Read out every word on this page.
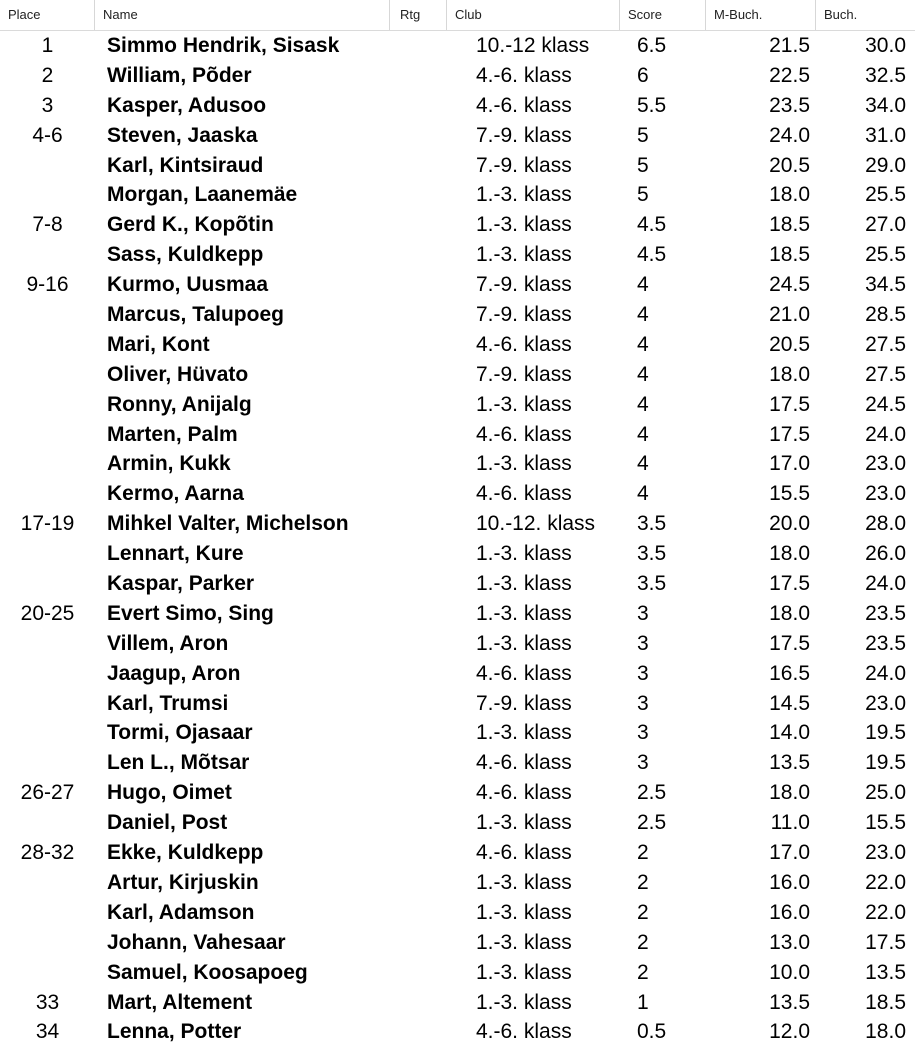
Place	Name	Rtg	Club	Score	M-Buch.	Buch.
1	Simmo Hendrik, Sisask	10.-12 klass 6.5	21.5	30.0
2	William, Põder	4.-6. klass	6	22.5	32.5
3	Kasper, Adusoo	4.-6. klass	5.5	23.5	34.0
4-6	Steven, Jaaska	7.-9. klass	5	24.0	31.0
Karl, Kintsiraud	7.-9. klass	5	20.5	29.0
Morgan, Laanemäe	1.-3. klass	5	18.0	25.5
7-8	Gerd K., Kopõtin	1.-3. klass	4.5	18.5	27.0
Sass, Kuldkepp	1.-3. klass	4.5	18.5	25.5
9-16	Kurmo, Uusmaa	7.-9. klass	4	24.5	34.5
Marcus, Talupoeg	7.-9. klass	4	21.0	28.5
Mari, Kont	4.-6. klass	4	20.5	27.5
Oliver, Hüvato	7.-9. klass	4	18.0	27.5
Ronny, Anijalg	1.-3. klass	4	17.5	24.5
Marten, Palm	4.-6. klass	4	17.5	24.0
Armin, Kukk	1.-3. klass	4	17.0	23.0
Kermo, Aarna	4.-6. klass	4	15.5	23.0
17-19	Mihkel Valter, Michelson	10.-12. klass 3.5	20.0	28.0
Lennart, Kure	1.-3. klass	3.5	18.0	26.0
Kaspar, Parker	1.-3. klass	3.5	17.5	24.0
20-25	Evert Simo, Sing	1.-3. klass	3	18.0	23.5
Villem, Aron	1.-3. klass	3	17.5	23.5
Jaagup, Aron	4.-6. klass	3	16.5	24.0
Karl, Trumsi	7.-9. klass	3	14.5	23.0
Tormi, Ojasaar	1.-3. klass	3	14.0	19.5
Len L., Mõtsar	4.-6. klass	3	13.5	19.5
26-27	Hugo, Oimet	4.-6. klass	2.5	18.0	25.0
Daniel, Post	1.-3. klass	2.5	11.0	15.5
28-32	Ekke, Kuldkepp	4.-6. klass	2	17.0	23.0
Artur, Kirjuskin	1.-3. klass	2	16.0	22.0
Karl, Adamson	1.-3. klass	2	16.0	22.0
Johann, Vahesaar	1.-3. klass	2	13.0	17.5
Samuel, Koosapoeg	1.-3. klass	2	10.0	13.5
33	Mart, Altement	1.-3. klass	1	13.5	18.5
34	Lenna, Potter	4.-6. klass	0.5	12.0	18.0
